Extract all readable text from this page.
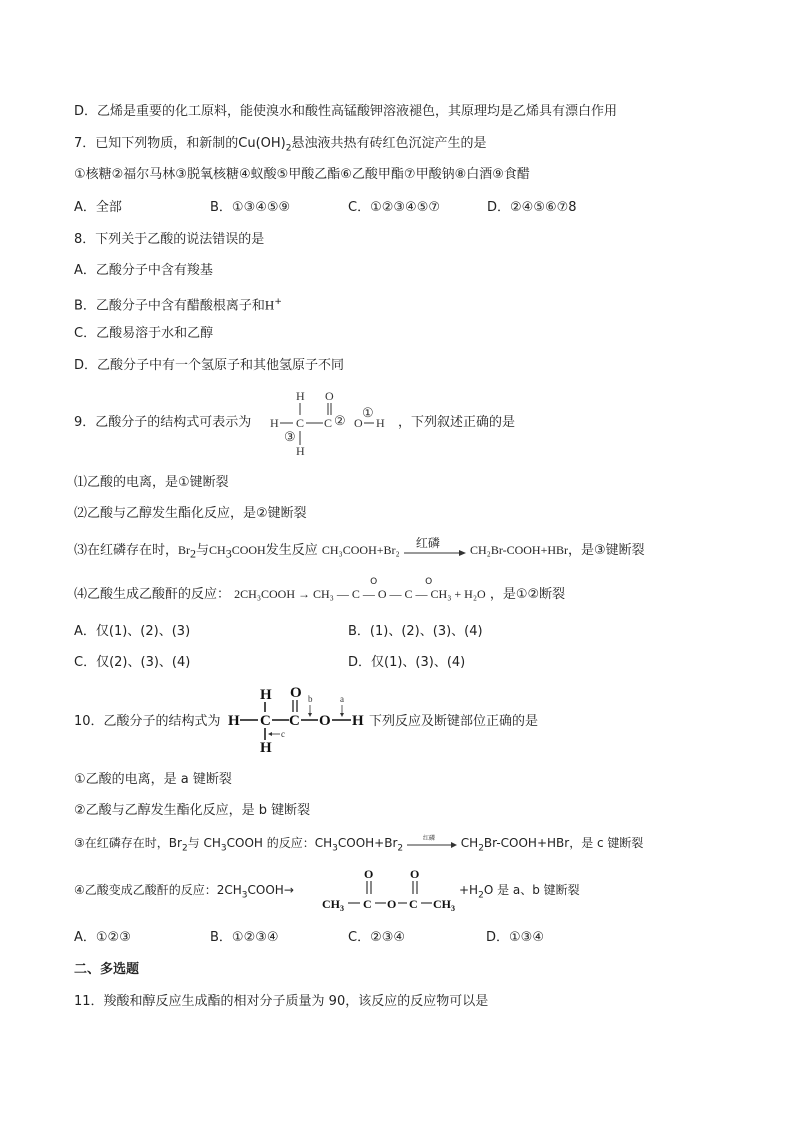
D．乙烯是重要的化工原料，能使溴水和酸性高锰酸钾溶液褪色，其原理均是乙烯具有漂白作用
7．已知下列物质，和新制的$Cu(OH)_2$悬浊液共热有砖红色沉淀产生的是
①核糖②福尔马林③脱氧核糖④蚁酸⑤甲酸乙酯⑥乙酸甲酯⑦甲酸钠⑧白酒⑨食醋
A．全部	B．①③④⑤⑨	C．①②③④⑤⑦	D．②④⑤⑥⑦8
8．下列关于乙酸的说法错误的是
A．乙酸分子中含有羧基
B．乙酸分子中含有醋酸根离子和H+
C．乙酸易溶于水和乙醇
D．乙酸分子中有一个氢原子和其他氢原子不同
9．乙酸分子的结构式可表示为
H O
H C C ② O
①
H
③
H
，下列叙述正确的是
⑴乙酸的电离，是①键断裂
⑵乙酸与乙醇发生酯化反应，是②键断裂
⑶在红磷存在时，$Br_2$与$CH_3COOH$发生反应 CH₃COOH+Br₂
红磷
CH₂Br-COOH+HBr，是③键断裂
⑷乙酸生成乙酸酐的反应： 2CH₃COOH → CH₃ — C — O — C — CH₃ + H₂O
O	O
，是①②断裂
A．仅(1)、(2)、(3)	B．(1)、(2)、(3)、(4)
C．仅(2)、(3)、(4)	D．仅(1)、(3)、(4)
10．乙酸分子的结构式为
H O
H C C O H
H
b	a
c
下列反应及断键部位正确的是
①乙酸的电离，是 a 键断裂
②乙酸与乙醇发生酯化反应，是 b 键断裂
③在红磷存在时，$Br_2$与 $CH_3COOH$ 的反应：$CH_3COOH+Br_2$
红磷 $CH_2Br-COOH+HBr$，是 c 键断裂
④乙酸变成乙酸酐的反应：$2CH_3COOH\to$
O	O
$CH_3$ C O C $CH_3$
$+H_2O$ 是 a、b 键断裂
A．①②③	B．①②③④	C．②③④	D．①③④
二、多选题
11．羧酸和醇反应生成酯的相对分子质量为 90，该反应的反应物可以是
